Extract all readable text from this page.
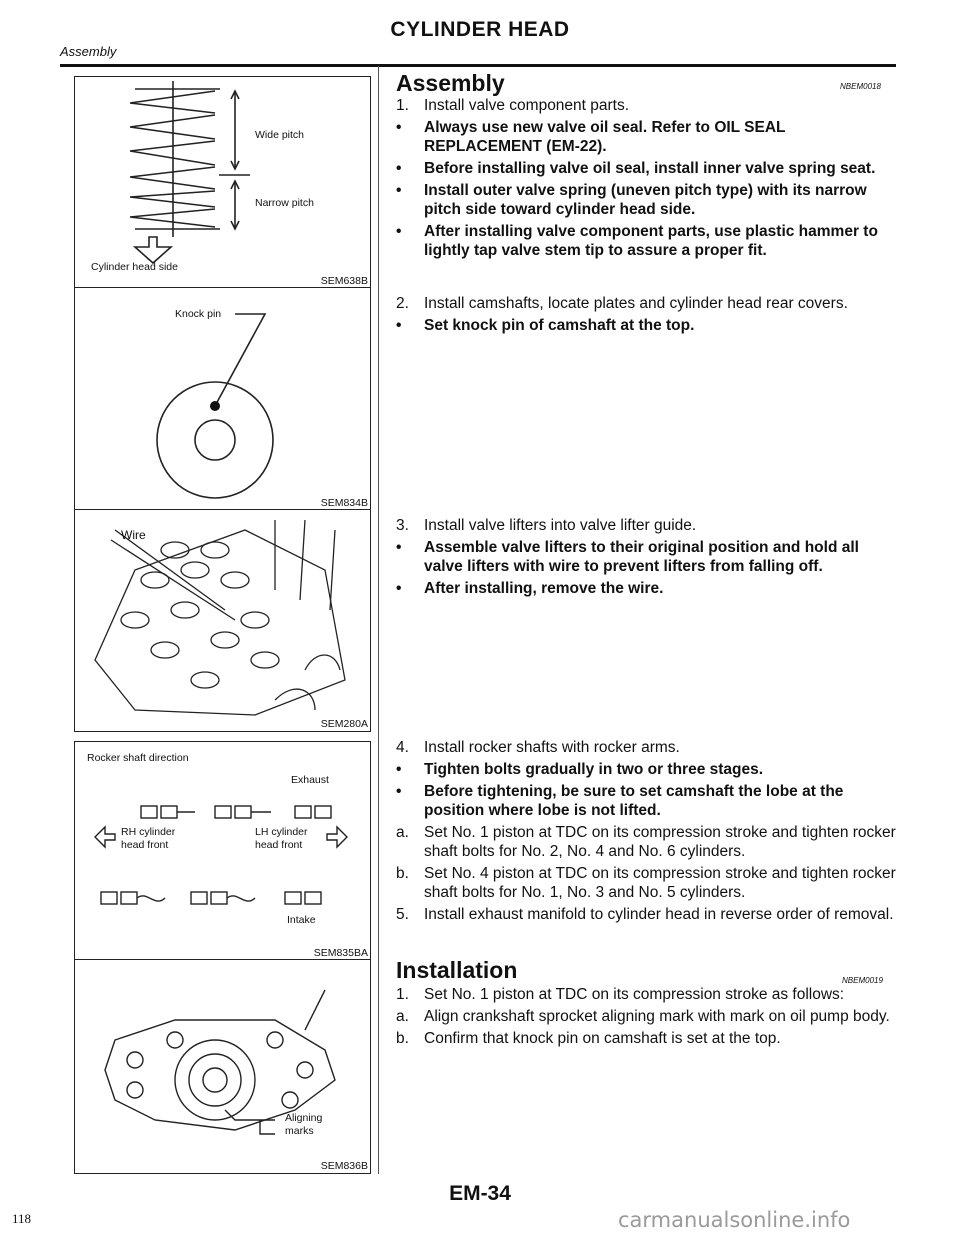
Assembly
CYLINDER HEAD
Wide pitch
Narrow pitch
Cylinder head side
SEM638B
Knock pin
SEM834B
Wire
SEM280A
Rocker shaft direction
Exhaust
RH cylinder
head front
LH cylinder
head front
Intake
SEM835BA
Aligning
marks
SEM836B
Assembly	NBEM0018
1. Install valve component parts.
• Always use new valve oil seal. Refer to OIL SEAL REPLACEMENT (EM-22).
• Before installing valve oil seal, install inner valve spring seat.
• Install outer valve spring (uneven pitch type) with its narrow pitch side toward cylinder head side.
• After installing valve component parts, use plastic hammer to lightly tap valve stem tip to assure a proper fit.
2. Install camshafts, locate plates and cylinder head rear covers.
• Set knock pin of camshaft at the top.
3. Install valve lifters into valve lifter guide.
• Assemble valve lifters to their original position and hold all valve lifters with wire to prevent lifters from falling off.
• After installing, remove the wire.
4. Install rocker shafts with rocker arms.
• Tighten bolts gradually in two or three stages.
• Before tightening, be sure to set camshaft the lobe at the position where lobe is not lifted.
a. Set No. 1 piston at TDC on its compression stroke and tighten rocker shaft bolts for No. 2, No. 4 and No. 6 cylinders.
b. Set No. 4 piston at TDC on its compression stroke and tighten rocker shaft bolts for No. 1, No. 3 and No. 5 cylinders.
5. Install exhaust manifold to cylinder head in reverse order of removal.
Installation	NBEM0019
1. Set No. 1 piston at TDC on its compression stroke as follows:
a. Align crankshaft sprocket aligning mark with mark on oil pump body.
b. Confirm that knock pin on camshaft is set at the top.
EM-34
118	carmanualsonline.info
